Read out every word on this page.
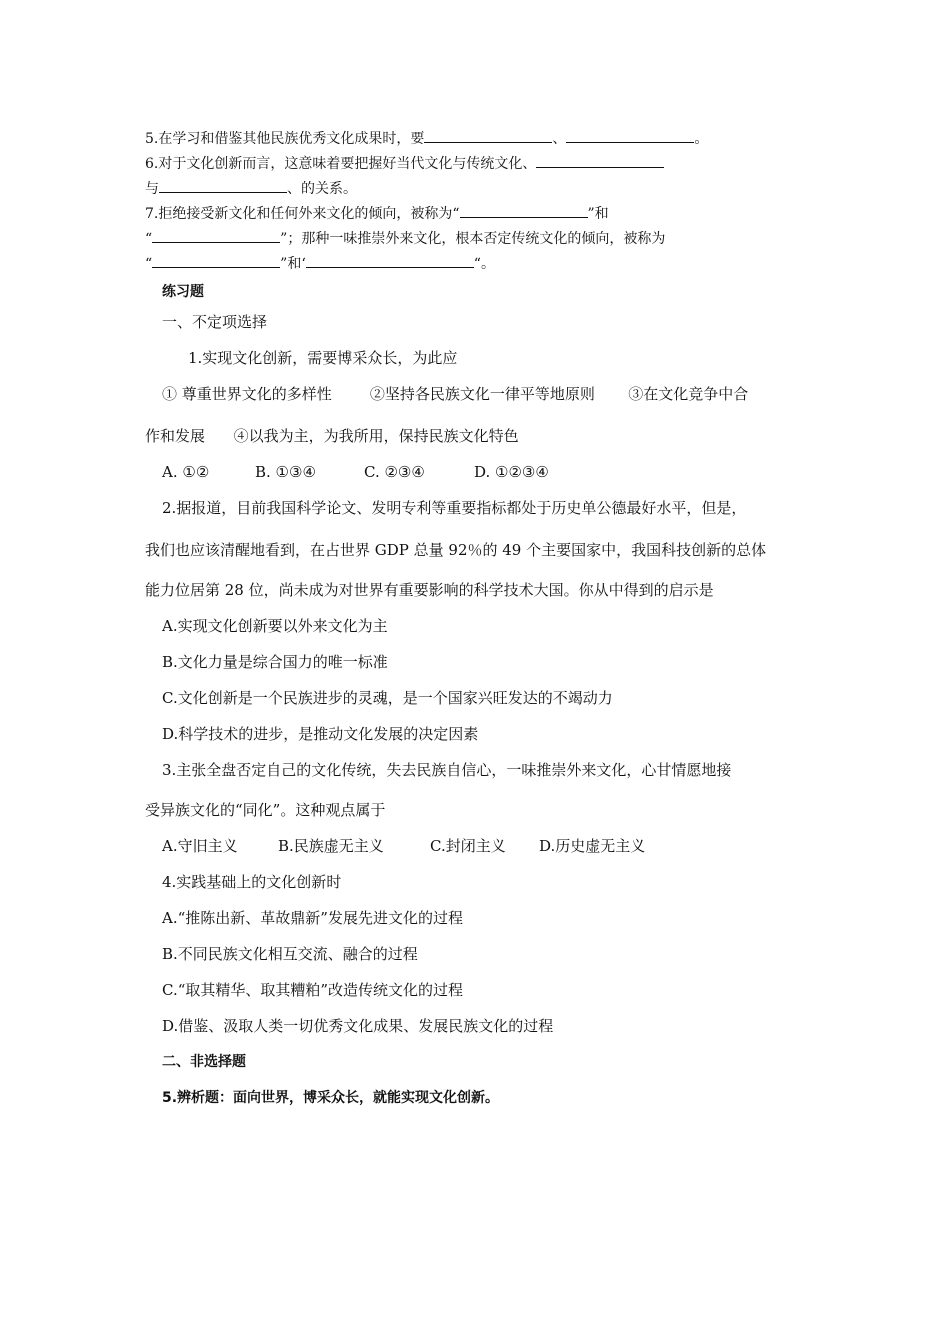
5.在学习和借鉴其他民族优秀文化成果时，要	、	。
6.对于文化创新而言，这意味着要把握好当代文化与传统文化、
与	、的关系。
7.拒绝接受新文化和任何外来文化的倾向，被称为“	”和
“	”；那种一味推崇外来文化，根本否定传统文化的倾向，被称为
“	”和‘	“。
练习题
一、不定项选择
1.实现文化创新，需要博采众长，为此应
① 尊重世界文化的多样性        ②坚持各民族文化一律平等地原则       ③在文化竞争中合
作和发展      ④以我为主，为我所用，保持民族文化特色
A. ①②	B. ①③④	C. ②③④	D. ①②③④
2.据报道，目前我国科学论文、发明专利等重要指标都处于历史单公德最好水平，但是，
我们也应该清醒地看到，在占世界 GDP 总量 92％的 49 个主要国家中，我国科技创新的总体
能力位居第 28 位，尚未成为对世界有重要影响的科学技术大国。你从中得到的启示是
A.实现文化创新要以外来文化为主
B.文化力量是综合国力的唯一标准
C.文化创新是一个民族进步的灵魂，是一个国家兴旺发达的不竭动力
D.科学技术的进步，是推动文化发展的决定因素
3.主张全盘否定自己的文化传统，失去民族自信心，一味推崇外来文化，心甘情愿地接
受异族文化的“同化”。这种观点属于
A.守旧主义	B.民族虚无主义	C.封闭主义 D.历史虚无主义
4.实践基础上的文化创新时
A.“推陈出新、革故鼎新”发展先进文化的过程
B.不同民族文化相互交流、融合的过程
C.“取其精华、取其糟粕”改造传统文化的过程
D.借鉴、汲取人类一切优秀文化成果、发展民族文化的过程
二、非选择题
5.辨析题：面向世界，博采众长，就能实现文化创新。
